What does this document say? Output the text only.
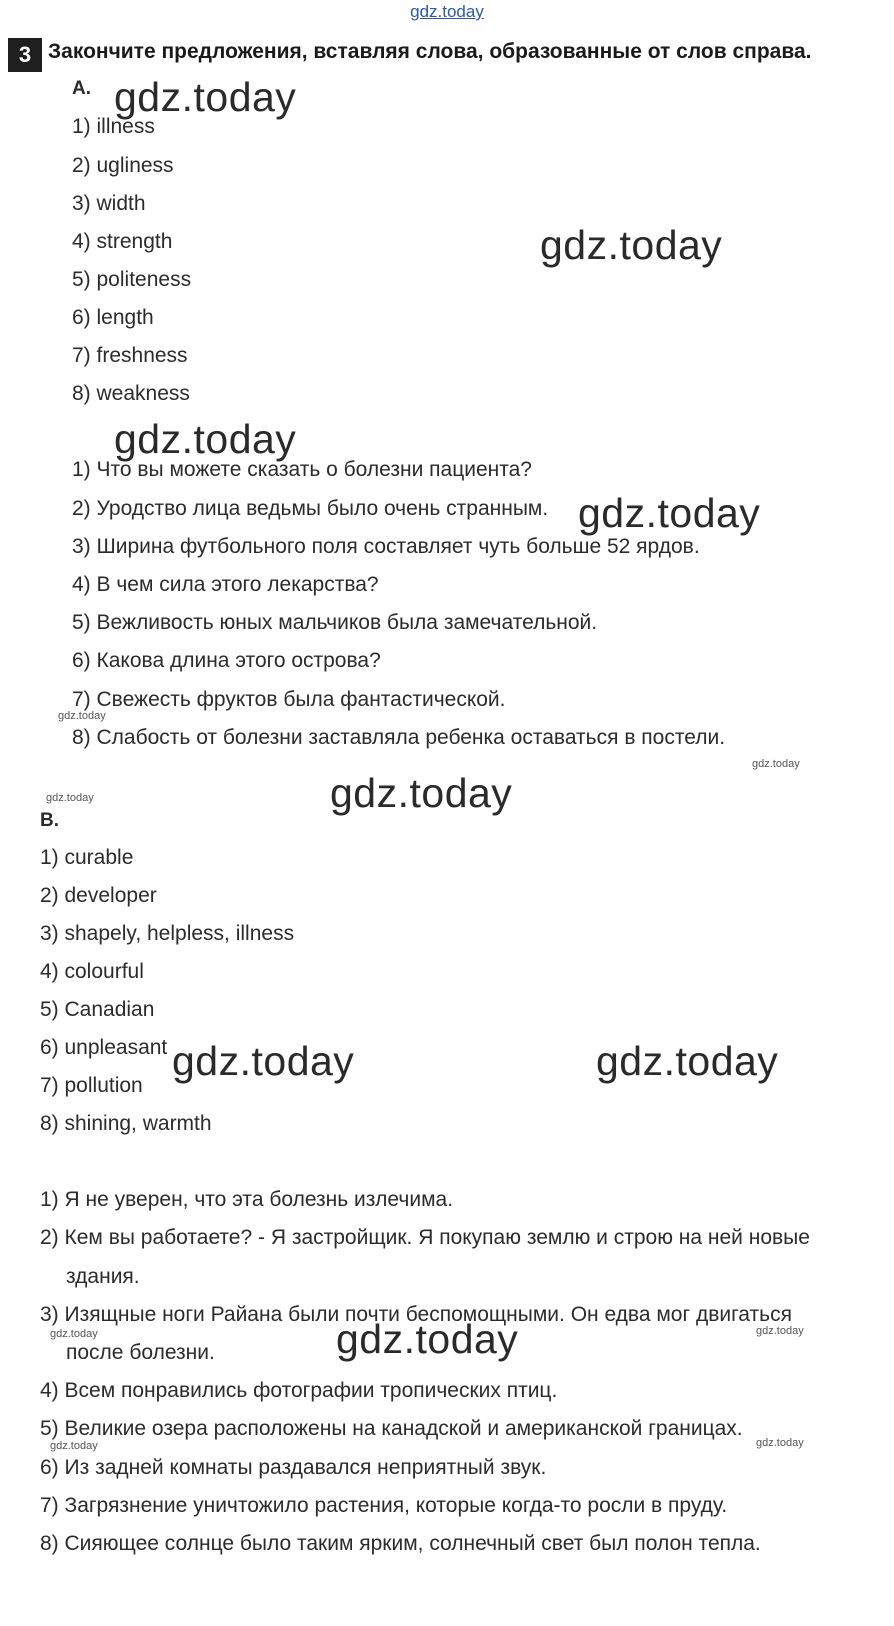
gdz.today
3 Закончите предложения, вставляя слова, образованные от слов справа.
A.
1) illness
2) ugliness
3) width
4) strength
5) politeness
6) length
7) freshness
8) weakness
1) Что вы можете сказать о болезни пациента?
2) Уродство лица ведьмы было очень странным.
3) Ширина футбольного поля составляет чуть больше 52 ярдов.
4) В чем сила этого лекарства?
5) Вежливость юных мальчиков была замечательной.
6) Какова длина этого острова?
7) Свежесть фруктов была фантастической.
8) Слабость от болезни заставляла ребенка оставаться в постели.
B.
1) curable
2) developer
3) shapely, helpless, illness
4) colourful
5) Canadian
6) unpleasant
7) pollution
8) shining, warmth
1) Я не уверен, что эта болезнь излечима.
2) Кем вы работаете? - Я застройщик. Я покупаю землю и строю на ней новые
здания.
3) Изящные ноги Райана были почти беспомощными. Он едва мог двигаться
после болезни.
4) Всем понравились фотографии тропических птиц.
5) Великие озера расположены на канадской и американской границах.
6) Из задней комнаты раздавался неприятный звук.
7) Загрязнение уничтожило растения, которые когда-то росли в пруду.
8) Сияющее солнце было таким ярким, солнечный свет был полон тепла.
gdz.today
gdz.today
gdz.today
gdz.today
gdz.today
gdz.today	gdz.today
gdz.today
gdz.today
gdz.today
gdz.today
gdz.today	gdz.today
gdz.today	gdz.today
